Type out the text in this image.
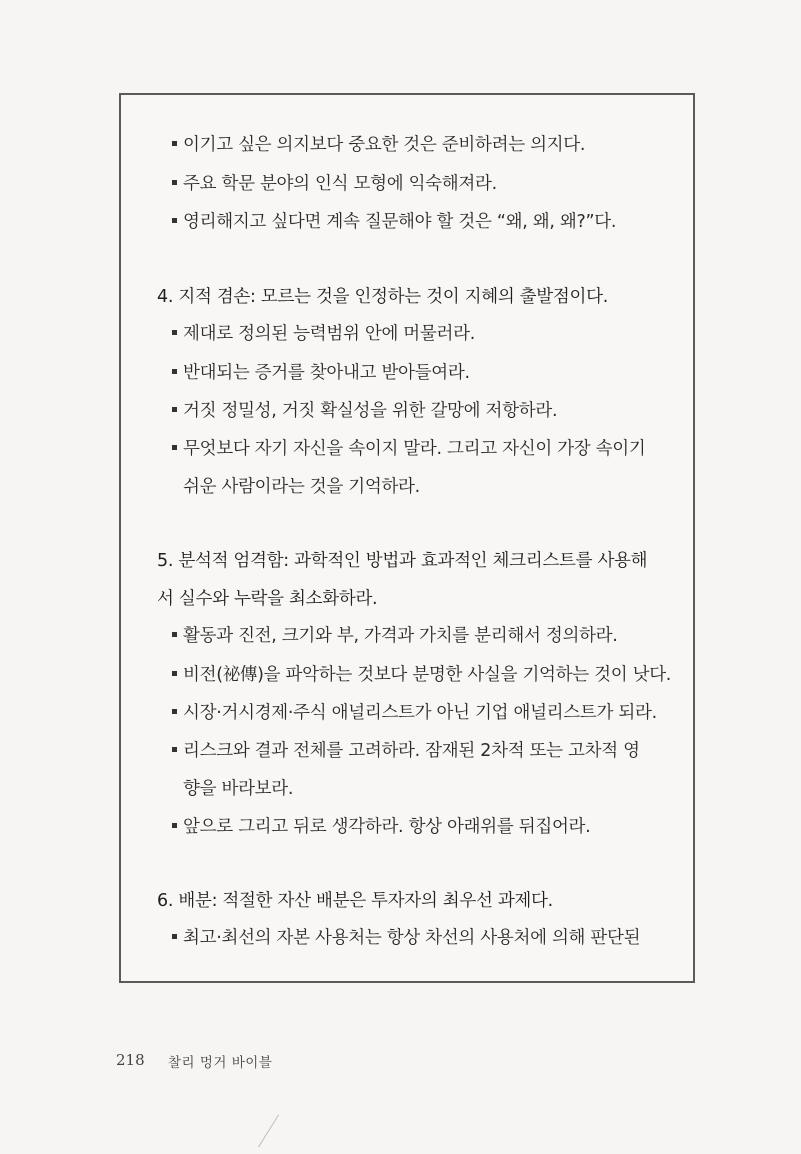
이기고 싶은 의지보다 중요한 것은 준비하려는 의지다.
주요 학문 분야의 인식 모형에 익숙해져라.
영리해지고 싶다면 계속 질문해야 할 것은 “왜, 왜, 왜?”다.
4. 지적 겸손: 모르는 것을 인정하는 것이 지혜의 출발점이다.
제대로 정의된 능력범위 안에 머물러라.
반대되는 증거를 찾아내고 받아들여라.
거짓 정밀성, 거짓 확실성을 위한 갈망에 저항하라.
무엇보다 자기 자신을 속이지 말라. 그리고 자신이 가장 속이기
쉬운 사람이라는 것을 기억하라.
5. 분석적 엄격함: 과학적인 방법과 효과적인 체크리스트를 사용해
서 실수와 누락을 최소화하라.
활동과 진전, 크기와 부, 가격과 가치를 분리해서 정의하라.
비전(祕傳)을 파악하는 것보다 분명한 사실을 기억하는 것이 낫다.
시장·거시경제·주식 애널리스트가 아닌 기업 애널리스트가 되라.
리스크와 결과 전체를 고려하라. 잠재된 2차적 또는 고차적 영
향을 바라보라.
앞으로 그리고 뒤로 생각하라. 항상 아래위를 뒤집어라.
6. 배분: 적절한 자산 배분은 투자자의 최우선 과제다.
최고·최선의 자본 사용처는 항상 차선의 사용처에 의해 판단된
218 찰리 멍거 바이블
